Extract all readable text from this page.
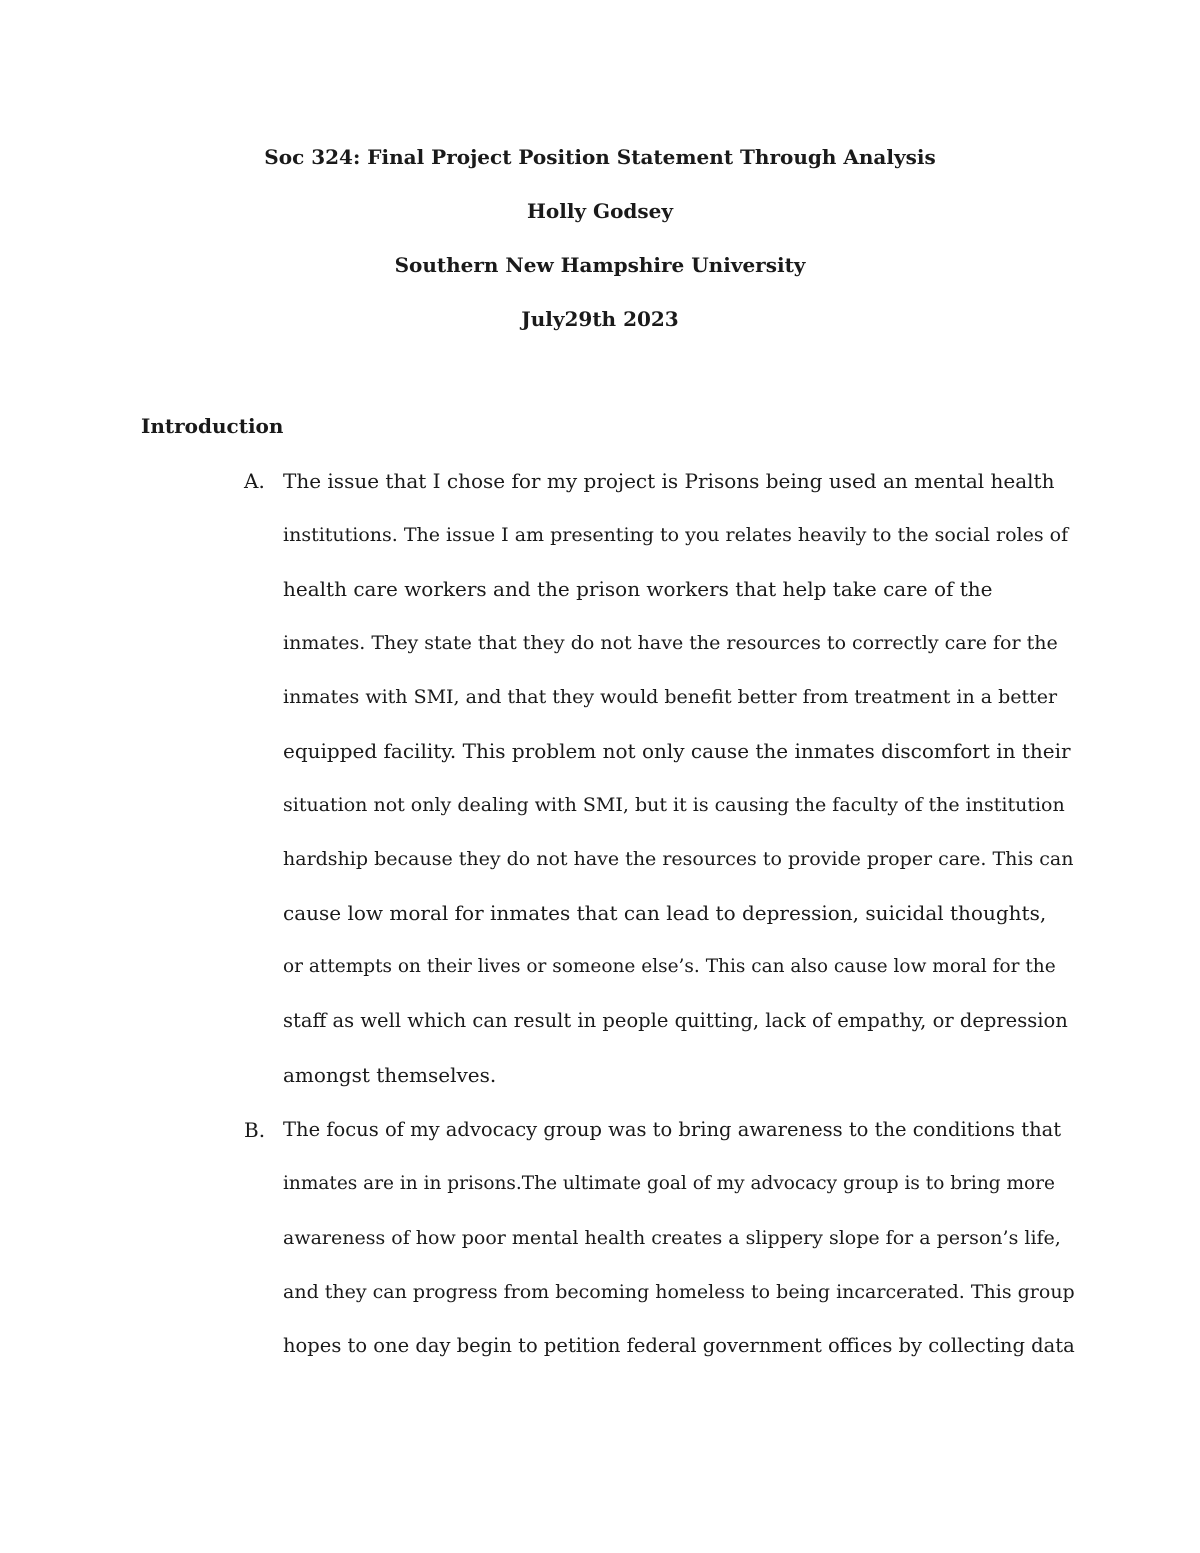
Soc 324: Final Project Position Statement Through Analysis
Holly Godsey
Southern New Hampshire University
July29th 2023
Introduction
A. The issue that I chose for my project is Prisons being used an mental health
institutions. The issue I am presenting to you relates heavily to the social roles of
health care workers and the prison workers that help take care of the
inmates. They state that they do not have the resources to correctly care for the
inmates with SMI, and that they would benefit better from treatment in a better
equipped facility. This problem not only cause the inmates discomfort in their
situation not only dealing with SMI, but it is causing the faculty of the institution
hardship because they do not have the resources to provide proper care. This can
cause low moral for inmates that can lead to depression, suicidal thoughts,
or attempts on their lives or someone else’s. This can also cause low moral for the
staff as well which can result in people quitting, lack of empathy, or depression
amongst themselves.
B. The focus of my advocacy group was to bring awareness to the conditions that
inmates are in in prisons.The ultimate goal of my advocacy group is to bring more
awareness of how poor mental health creates a slippery slope for a person’s life,
and they can progress from becoming homeless to being incarcerated. This group
hopes to one day begin to petition federal government offices by collecting data
